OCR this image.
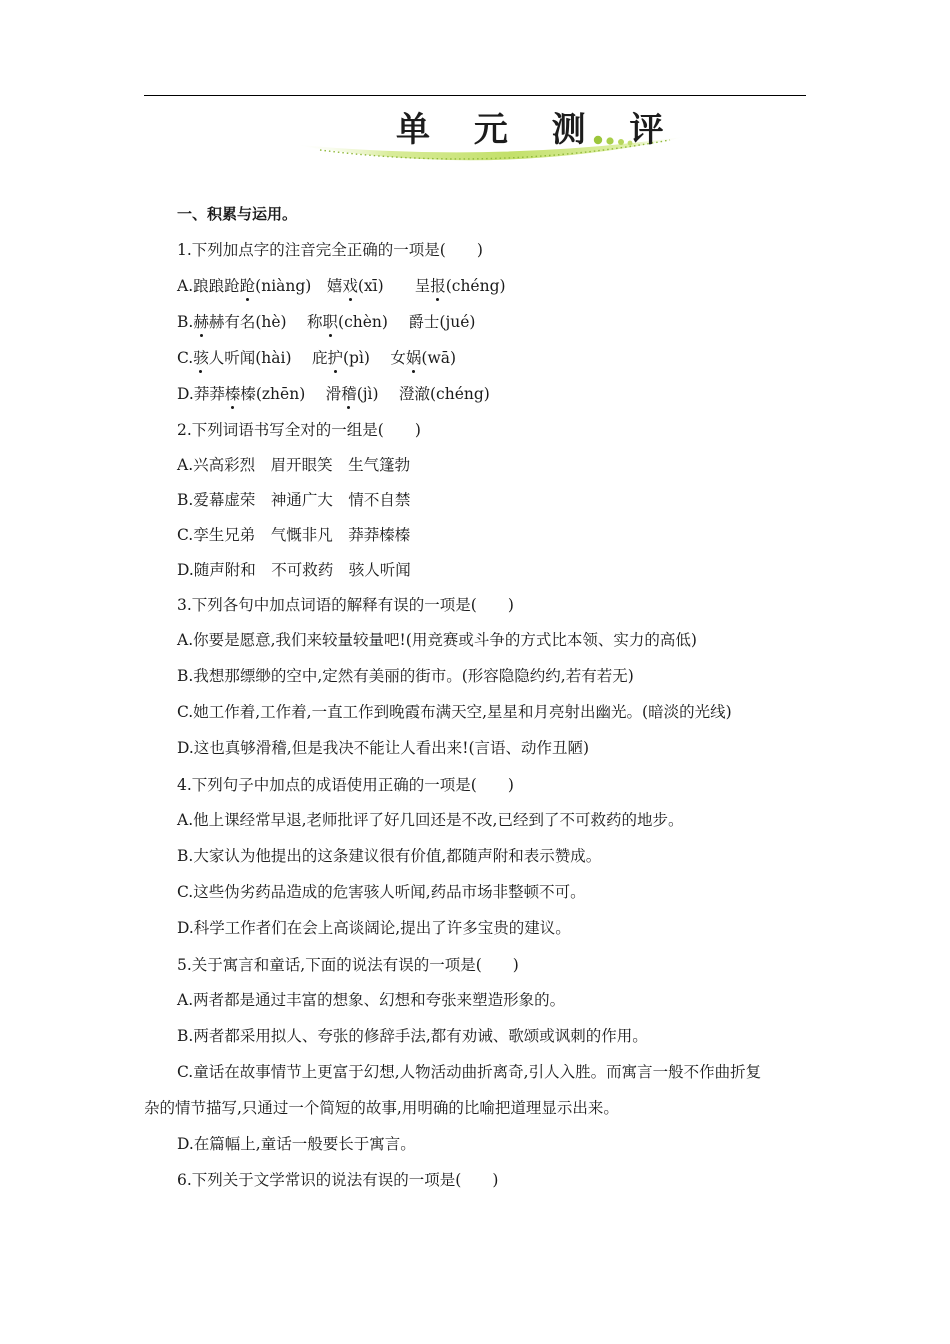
单 元 测 评
一、积累与运用。
1.下列加点字的注音完全正确的一项是(　　)
A.踉踉跄跄(niàng)　嬉戏(xī)　　呈报(chéng)
B.赫赫有名(hè)　 称职(chèn)　 爵士(jué)
C.骇人听闻(hài)　 庇护(pì)　 女娲(wā)
D.莽莽榛榛(zhēn)　 滑稽(jì)　 澄澈(chéng)
2.下列词语书写全对的一组是(　　)
A.兴高彩烈　眉开眼笑　生气篷勃
B.爱幕虚荣　神通广大　情不自禁
C.孪生兄弟　气慨非凡　莽莽榛榛
D.随声附和　不可救药　骇人听闻
3.下列各句中加点词语的解释有误的一项是(　　)
A.你要是愿意,我们来较量较量吧!(用竞赛或斗争的方式比本领、实力的高低)
B.我想那缥缈的空中,定然有美丽的街市。(形容隐隐约约,若有若无)
C.她工作着,工作着,一直工作到晚霞布满天空,星星和月亮射出幽光。(暗淡的光线)
D.这也真够滑稽,但是我决不能让人看出来!(言语、动作丑陋)
4.下列句子中加点的成语使用正确的一项是(　　)
A.他上课经常早退,老师批评了好几回还是不改,已经到了不可救药的地步。
B.大家认为他提出的这条建议很有价值,都随声附和表示赞成。
C.这些伪劣药品造成的危害骇人听闻,药品市场非整顿不可。
D.科学工作者们在会上高谈阔论,提出了许多宝贵的建议。
5.关于寓言和童话,下面的说法有误的一项是(　　)
A.两者都是通过丰富的想象、幻想和夸张来塑造形象的。
B.两者都采用拟人、夸张的修辞手法,都有劝诫、歌颂或讽刺的作用。
C.童话在故事情节上更富于幻想,人物活动曲折离奇,引人入胜。而寓言一般不作曲折复
杂的情节描写,只通过一个简短的故事,用明确的比喻把道理显示出来。
D.在篇幅上,童话一般要长于寓言。
6.下列关于文学常识的说法有误的一项是(　　)
